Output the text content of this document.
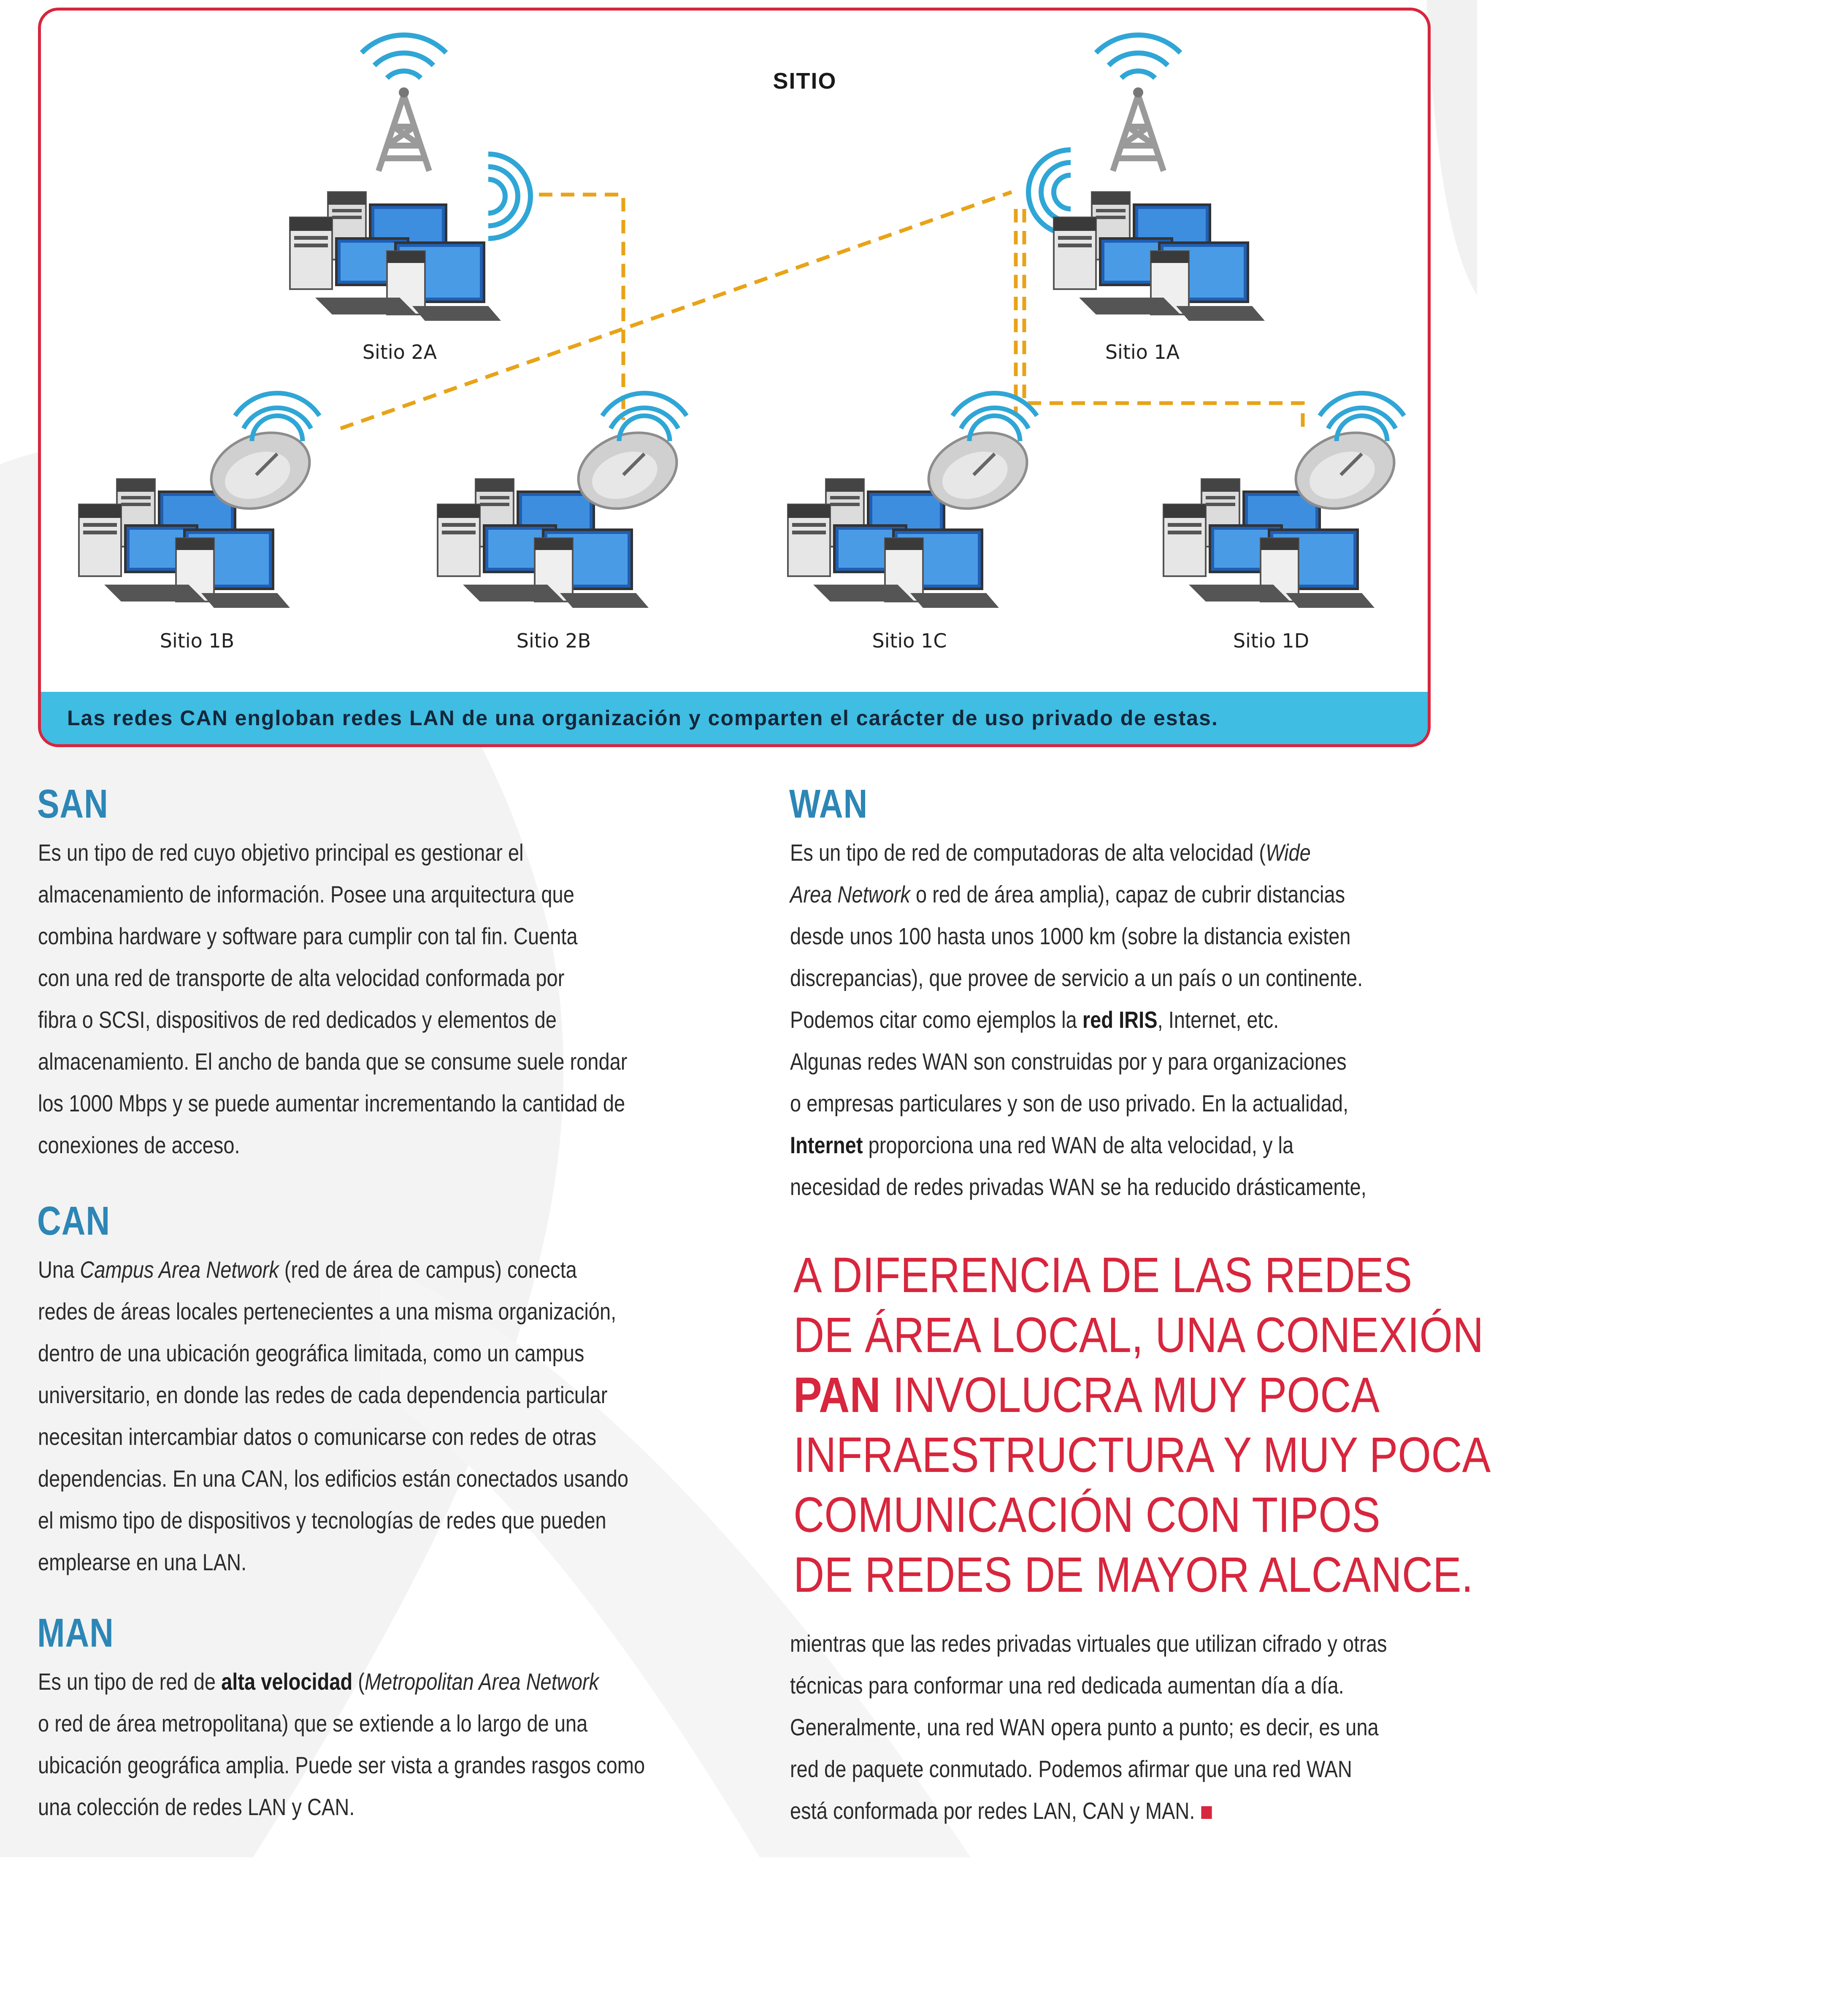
SITIO
Sitio 2A	Sitio 1A
Sitio 1B	Sitio 2B	Sitio 1C	Sitio 1D
Las redes CAN engloban redes LAN de una organización y comparten el carácter de uso privado de estas.
SAN
Es un tipo de red cuyo objetivo principal es gestionar el
almacenamiento de información. Posee una arquitectura que
combina hardware y software para cumplir con tal fin. Cuenta
con una red de transporte de alta velocidad conformada por
fibra o SCSI, dispositivos de red dedicados y elementos de
almacenamiento. El ancho de banda que se consume suele rondar
los 1000 Mbps y se puede aumentar incrementando la cantidad de
conexiones de acceso.
CAN
Una Campus Area Network (red de área de campus) conecta
redes de áreas locales pertenecientes a una misma organización,
dentro de una ubicación geográfica limitada, como un campus
universitario, en donde las redes de cada dependencia particular
necesitan intercambiar datos o comunicarse con redes de otras
dependencias. En una CAN, los edificios están conectados usando
el mismo tipo de dispositivos y tecnologías de redes que pueden
emplearse en una LAN.
MAN
Es un tipo de red de alta velocidad (Metropolitan Area Network
o red de área metropolitana) que se extiende a lo largo de una
ubicación geográfica amplia. Puede ser vista a grandes rasgos como
una colección de redes LAN y CAN.
WAN
Es un tipo de red de computadoras de alta velocidad (Wide
Area Network o red de área amplia), capaz de cubrir distancias
desde unos 100 hasta unos 1000 km (sobre la distancia existen
discrepancias), que provee de servicio a un país o un continente.
Podemos citar como ejemplos la red IRIS, Internet, etc.
Algunas redes WAN son construidas por y para organizaciones
o empresas particulares y son de uso privado. En la actualidad,
Internet proporciona una red WAN de alta velocidad, y la
necesidad de redes privadas WAN se ha reducido drásticamente,
A DIFERENCIA DE LAS REDES
DE ÁREA LOCAL, UNA CONEXIÓN
PAN INVOLUCRA MUY POCA
INFRAESTRUCTURA Y MUY POCA
COMUNICACIÓN CON TIPOS
DE REDES DE MAYOR ALCANCE.
mientras que las redes privadas virtuales que utilizan cifrado y otras
técnicas para conformar una red dedicada aumentan día a día.
Generalmente, una red WAN opera punto a punto; es decir, es una
red de paquete conmutado. Podemos afirmar que una red WAN
está conformada por redes LAN, CAN y MAN.
